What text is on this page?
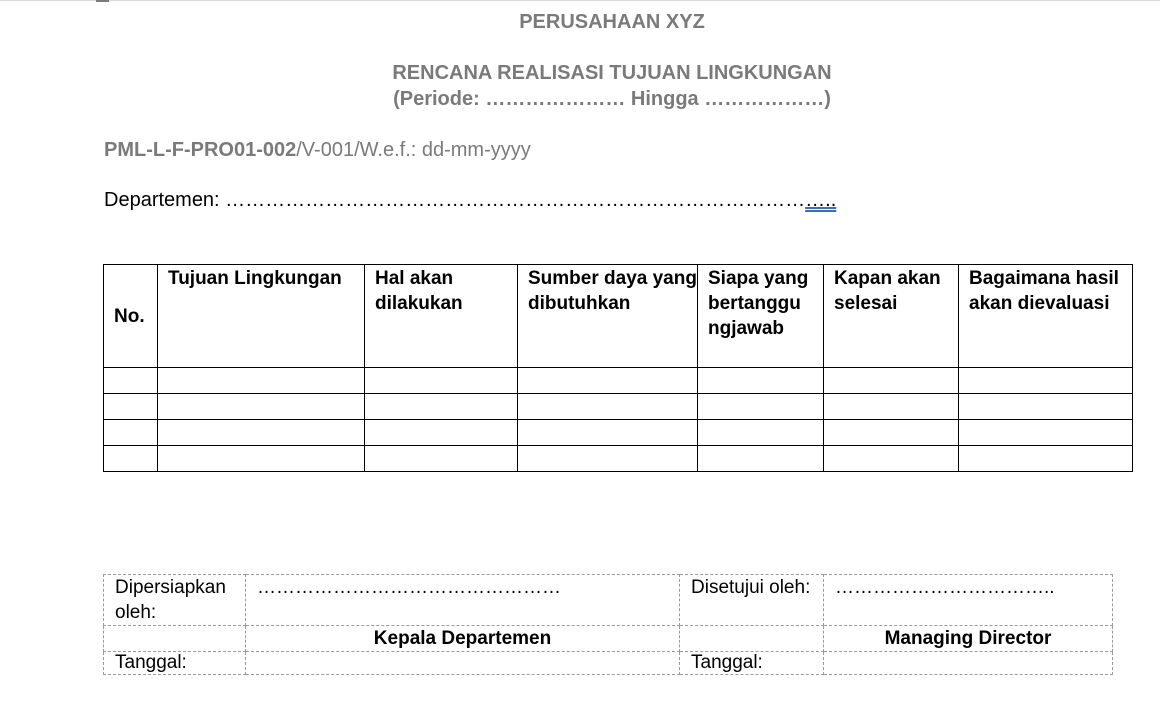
PERUSAHAAN XYZ
RENCANA REALISASI TUJUAN LINGKUNGAN
(Periode: ………………… Hingga ………………)
PML-L-F-PRO01-002/V-001/W.e.f.: dd-mm-yyyy
Departemen: ………………………………………………………………………………..
No.	Tujuan Lingkungan	Hal akan dilakukan	Sumber daya yang dibutuhkan	Siapa yang bertanggu ngjawab	Kapan akan selesai	Bagaimana hasil akan dievaluasi

Dipersiapkan oleh:	…………………………………………	Disetujui oleh:	……………………………..
	Kepala Departemen		Managing Director
Tanggal:		Tanggal:	
